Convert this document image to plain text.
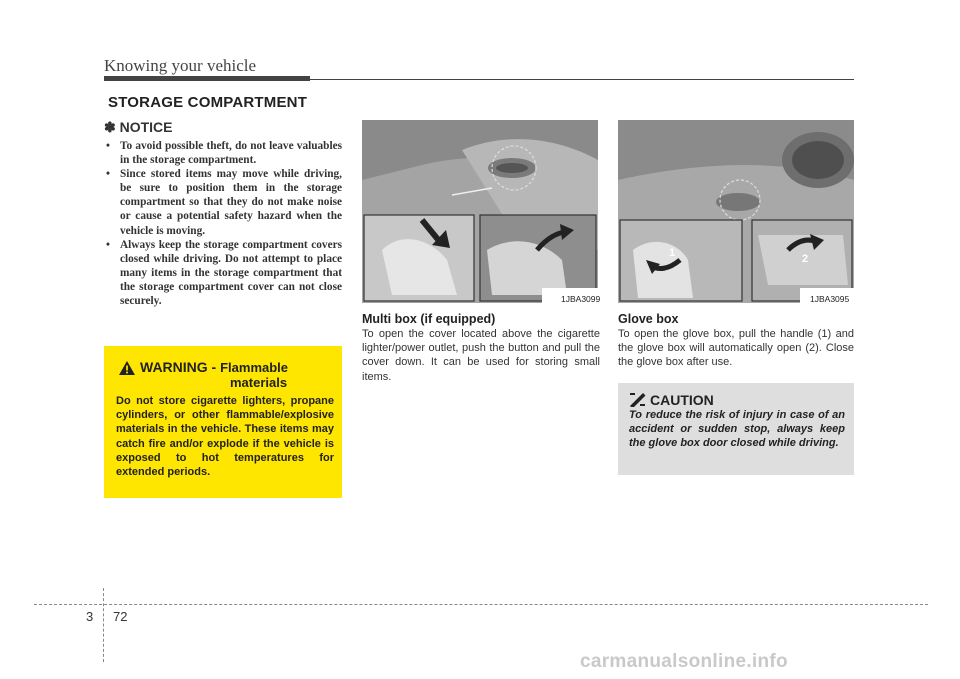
Knowing your vehicle
STORAGE COMPARTMENT
✽ NOTICE
• To avoid possible theft, do not leave valuables in the storage compartment.
• Since stored items may move while driving, be sure to position them in the storage compartment so that they do not make noise or cause a potential safety hazard when the vehicle is moving.
• Always keep the storage compartment covers closed while driving. Do not attempt to place many items in the storage compartment that the storage compartment cover can not close securely.
WARNING - Flammable
materials
Do not store cigarette lighters, propane cylinders, or other flammable/explosive materials in the vehicle. These items may catch fire and/or explode if the vehicle is exposed to hot temperatures for extended periods.
1JBA3099
1	2
1JBA3095
Multi box (if equipped)
To open the cover located above the cigarette lighter/power outlet, push the button and pull the cover down. It can be used for storing small items.
Glove box
To open the glove box, pull the handle (1) and the glove box will automatically open (2). Close the glove box after use.
CAUTION
To reduce the risk of injury in case of an accident or sudden stop, always keep the glove box door closed while driving.
3 72
carmanualsonline.info
